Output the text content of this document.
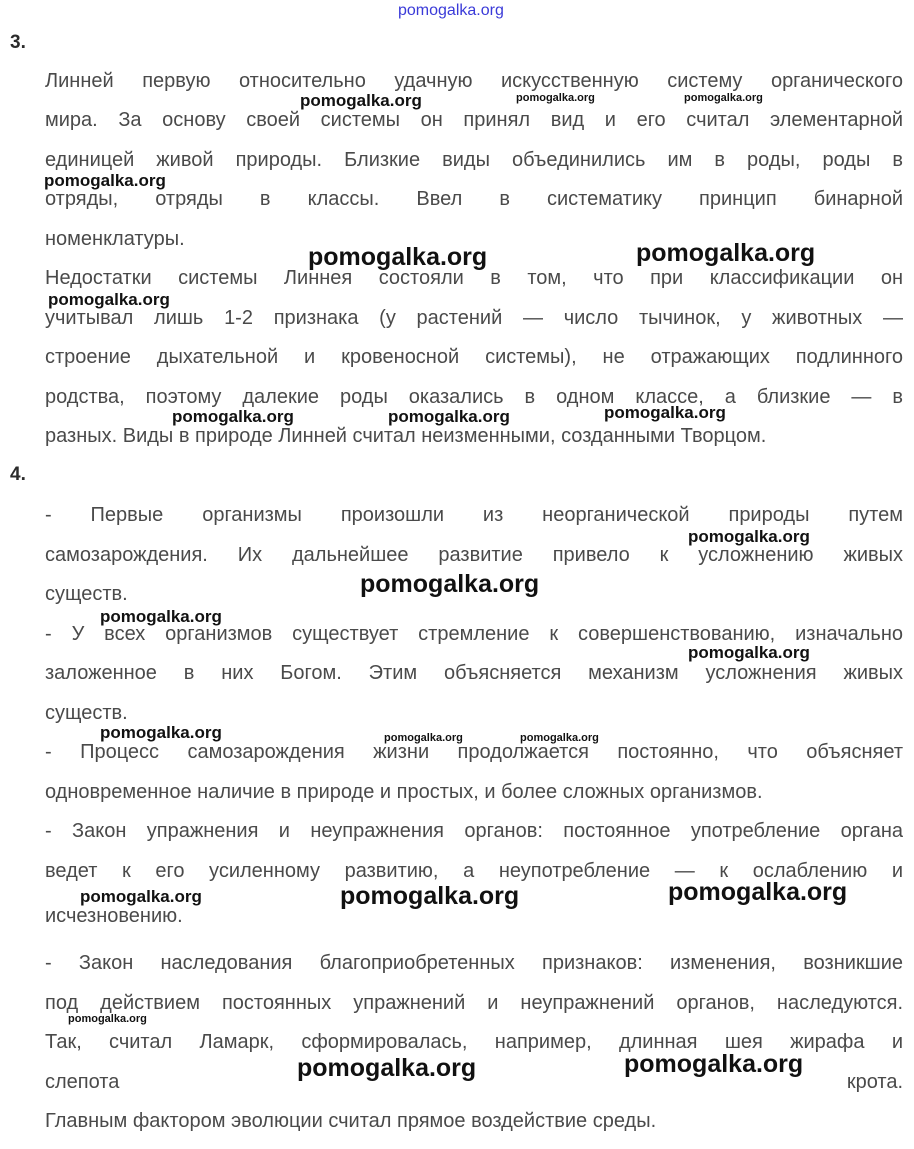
pomogalka.org
3.
Линней первую относительно удачную искусственную систему органического
мира. За основу своей системы он принял вид и его считал элементарной
единицей живой природы. Близкие виды объединились им в роды, роды в
отряды, отряды в классы. Ввел в систематику принцип бинарной
номенклатуры.
Недостатки системы Линнея состояли в том, что при классификации он
учитывал лишь 1-2 признака (у растений — число тычинок, у животных —
строение дыхательной и кровеносной системы), не отражающих подлинного
родства, поэтому далекие роды оказались в одном классе, а близкие — в
разных. Виды в природе Линней считал неизменными, созданными Творцом.
4.
- Первые организмы произошли из неорганической природы путем
самозарождения. Их дальнейшее развитие привело к усложнению живых
существ.
- У всех организмов существует стремление к совершенствованию, изначально
заложенное в них Богом. Этим объясняется механизм усложнения живых
существ.
- Процесс самозарождения жизни продолжается постоянно, что объясняет
одновременное наличие в природе и простых, и более сложных организмов.
- Закон упражнения и неупражнения органов: постоянное употребление органа
ведет к его усиленному развитию, а неупотребление — к ослаблению и
исчезновению.
- Закон наследования благоприобретенных признаков: изменения, возникшие
под действием постоянных упражнений и неупражнений органов, наследуются.
Так, считал Ламарк, сформировалась, например, длинная шея жирафа и
слепота	крота.
Главным фактором эволюции считал прямое воздействие среды.
pomogalka.org	pomogalka.org	pomogalka.org
pomogalka.org
pomogalka.org	pomogalka.org
pomogalka.org
pomogalka.org	pomogalka.org	pomogalka.org
pomogalka.org
pomogalka.org
pomogalka.org
pomogalka.org
pomogalka.org	pomogalka.org	pomogalka.org
pomogalka.org	pomogalka.org	pomogalka.org
pomogalka.org
pomogalka.org	pomogalka.org
